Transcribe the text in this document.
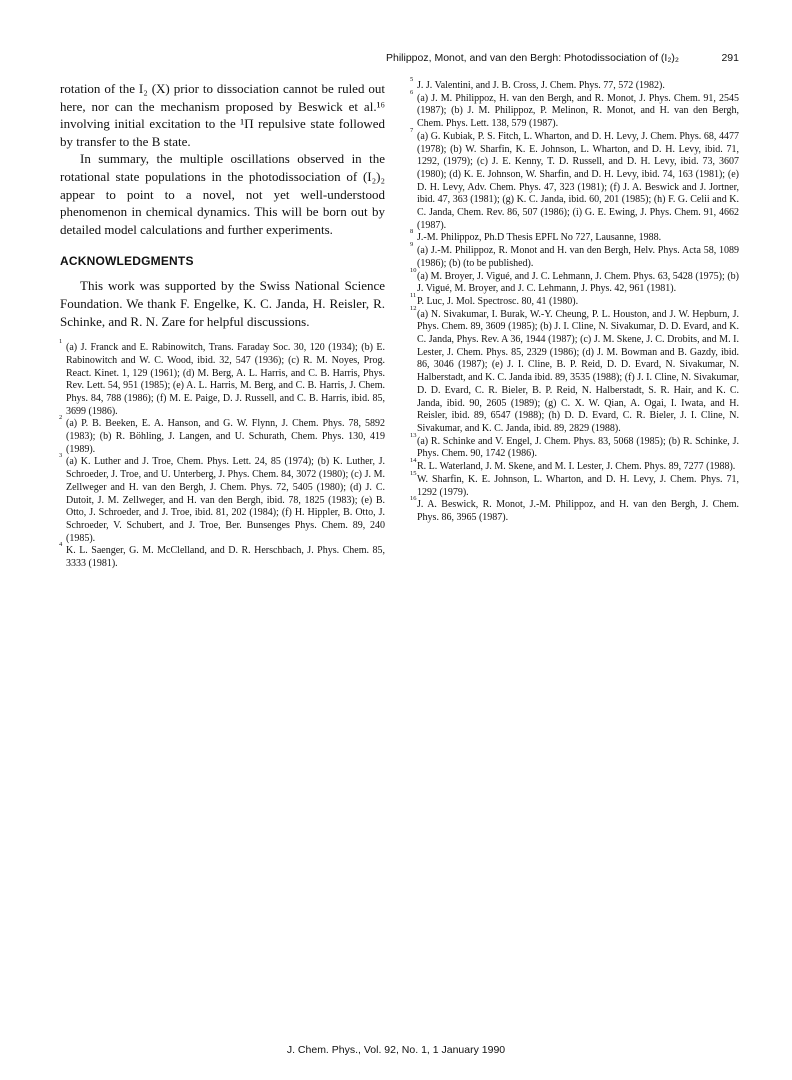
Philippoz, Monot, and van den Bergh: Photodissociation of (I₂)₂	291

rotation of the I₂ (X) prior to dissociation cannot be ruled out here, nor can the mechanism proposed by Beswick et al.¹⁶ involving initial excitation to the ¹Π repulsive state followed by transfer to the B state.

In summary, the multiple oscillations observed in the rotational state populations in the photodissociation of (I₂)₂ appear to point to a novel, not yet well-understood phenomenon in chemical dynamics. This will be born out by detailed model calculations and further experiments.

ACKNOWLEDGMENTS

This work was supported by the Swiss National Science Foundation. We thank F. Engelke, K. C. Janda, H. Reisler, R. Schinke, and R. N. Zare for helpful discussions.

1
(a) J. Franck and E. Rabinowitch, Trans. Faraday Soc. 30, 120 (1934); (b) E. Rabinowitch and W. C. Wood, ibid. 32, 547 (1936); (c) R. M. Noyes, Prog. React. Kinet. 1, 129 (1961); (d) M. Berg, A. L. Harris, and C. B. Harris, Phys. Rev. Lett. 54, 951 (1985); (e) A. L. Harris, M. Berg, and C. B. Harris, J. Chem. Phys. 84, 788 (1986); (f) M. E. Paige, D. J. Russell, and C. B. Harris, ibid. 85, 3699 (1986).

2
(a) P. B. Beeken, E. A. Hanson, and G. W. Flynn, J. Chem. Phys. 78, 5892 (1983); (b) R. Böhling, J. Langen, and U. Schurath, Chem. Phys. 130, 419 (1989).

3
(a) K. Luther and J. Troe, Chem. Phys. Lett. 24, 85 (1974); (b) K. Luther, J. Schroeder, J. Troe, and U. Unterberg, J. Phys. Chem. 84, 3072 (1980); (c) J. M. Zellweger and H. van den Bergh, J. Chem. Phys. 72, 5405 (1980); (d) J. C. Dutoit, J. M. Zellweger, and H. van den Bergh, ibid. 78, 1825 (1983); (e) B. Otto, J. Schroeder, and J. Troe, ibid. 81, 202 (1984); (f) H. Hippler, B. Otto, J. Schroeder, V. Schubert, and J. Troe, Ber. Bunsenges Phys. Chem. 89, 240 (1985).

4
K. L. Saenger, G. M. McClelland, and D. R. Herschbach, J. Phys. Chem. 85, 3333 (1981).

5
J. J. Valentini, and J. B. Cross, J. Chem. Phys. 77, 572 (1982).

6
(a) J. M. Philippoz, H. van den Bergh, and R. Monot, J. Phys. Chem. 91, 2545 (1987); (b) J. M. Philippoz, P. Melinon, R. Monot, and H. van den Bergh, Chem. Phys. Lett. 138, 579 (1987).

7
(a) G. Kubiak, P. S. Fitch, L. Wharton, and D. H. Levy, J. Chem. Phys. 68, 4477 (1978); (b) W. Sharfin, K. E. Johnson, L. Wharton, and D. H. Levy, ibid. 71, 1292, (1979); (c) J. E. Kenny, T. D. Russell, and D. H. Levy, ibid. 73, 3607 (1980); (d) K. E. Johnson, W. Sharfin, and D. H. Levy, ibid. 74, 163 (1981); (e) D. H. Levy, Adv. Chem. Phys. 47, 323 (1981); (f) J. A. Beswick and J. Jortner, ibid. 47, 363 (1981); (g) K. C. Janda, ibid. 60, 201 (1985); (h) F. G. Celii and K. C. Janda, Chem. Rev. 86, 507 (1986); (i) G. E. Ewing, J. Phys. Chem. 91, 4662 (1987).

8
J.-M. Philippoz, Ph.D Thesis EPFL No 727, Lausanne, 1988.

9
(a) J.-M. Philippoz, R. Monot and H. van den Bergh, Helv. Phys. Acta 58, 1089 (1986); (b) (to be published).

10
(a) M. Broyer, J. Vigué, and J. C. Lehmann, J. Chem. Phys. 63, 5428 (1975); (b) J. Vigué, M. Broyer, and J. C. Lehmann, J. Phys. 42, 961 (1981).

11
P. Luc, J. Mol. Spectrosc. 80, 41 (1980).

12
(a) N. Sivakumar, I. Burak, W.-Y. Cheung, P. L. Houston, and J. W. Hepburn, J. Phys. Chem. 89, 3609 (1985); (b) J. I. Cline, N. Sivakumar, D. D. Evard, and K. C. Janda, Phys. Rev. A 36, 1944 (1987); (c) J. M. Skene, J. C. Drobits, and M. I. Lester, J. Chem. Phys. 85, 2329 (1986); (d) J. M. Bowman and B. Gazdy, ibid. 86, 3046 (1987); (e) J. I. Cline, B. P. Reid, D. D. Evard, N. Sivakumar, N. Halberstadt, and K. C. Janda ibid. 89, 3535 (1988); (f) J. I. Cline, N. Sivakumar, D. D. Evard, C. R. Bieler, B. P. Reid, N. Halberstadt, S. R. Hair, and K. C. Janda, ibid. 90, 2605 (1989); (g) C. X. W. Qian, A. Ogai, I. Iwata, and H. Reisler, ibid. 89, 6547 (1988); (h) D. D. Evard, C. R. Bieler, J. I. Cline, N. Sivakumar, and K. C. Janda, ibid. 89, 2829 (1988).

13
(a) R. Schinke and V. Engel, J. Chem. Phys. 83, 5068 (1985); (b) R. Schinke, J. Phys. Chem. 90, 1742 (1986).

14
R. L. Waterland, J. M. Skene, and M. I. Lester, J. Chem. Phys. 89, 7277 (1988).

15
W. Sharfin, K. E. Johnson, L. Wharton, and D. H. Levy, J. Chem. Phys. 71, 1292 (1979).

16
J. A. Beswick, R. Monot, J.-M. Philippoz, and H. van den Bergh, J. Chem. Phys. 86, 3965 (1987).

J. Chem. Phys., Vol. 92, No. 1, 1 January 1990
